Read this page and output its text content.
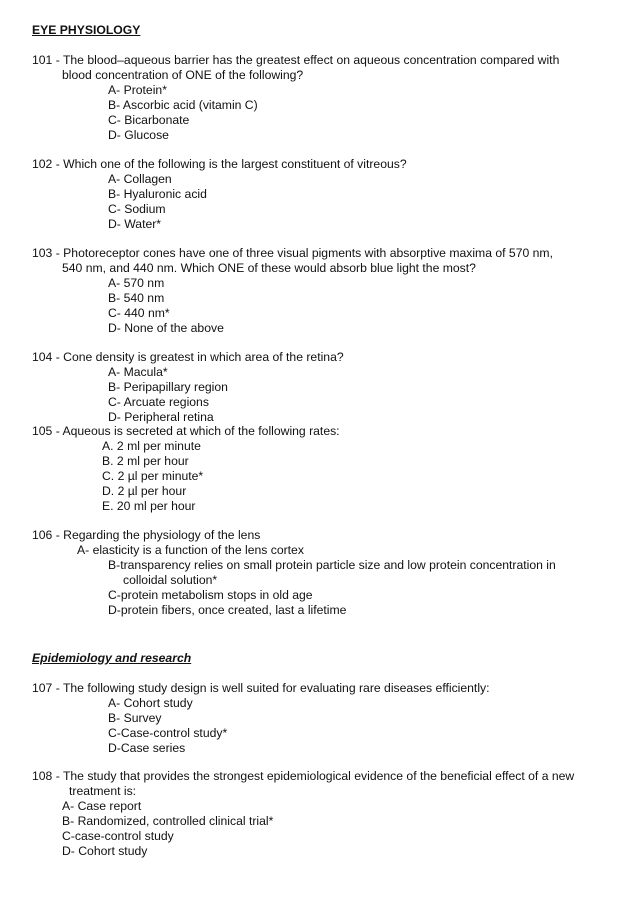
EYE PHYSIOLOGY
101 - The blood–aqueous barrier has the greatest effect on aqueous concentration compared with
blood concentration of ONE of the following?
A- Protein*
B- Ascorbic acid (vitamin C)
C- Bicarbonate
D- Glucose
102 - Which one of the following is the largest constituent of vitreous?
A- Collagen
B- Hyaluronic acid
C- Sodium
D- Water*
103 - Photoreceptor cones have one of three visual pigments with absorptive maxima of 570 nm,
540 nm, and 440 nm. Which ONE of these would absorb blue light the most?
A- 570 nm
B- 540 nm
C- 440 nm*
D- None of the above
104 - Cone density is greatest in which area of the retina?
A- Macula*
B- Peripapillary region
C- Arcuate regions
D- Peripheral retina
105 - Aqueous is secreted at which of the following rates:
A. 2 ml per minute
B. 2 ml per hour
C. 2 µl per minute*
D. 2 µl per hour
E. 20 ml per hour
106 - Regarding the physiology of the lens
A- elasticity is a function of the lens cortex
B-transparency relies on small protein particle size and low protein concentration in
colloidal solution*
C-protein metabolism stops in old age
D-protein fibers, once created, last a lifetime
Epidemiology and research
107 - The following study design is well suited for evaluating rare diseases efficiently:
A- Cohort study
B- Survey
C-Case-control study*
D-Case series
108 - The study that provides the strongest epidemiological evidence of the beneficial effect of a new
treatment is:
A- Case report
B- Randomized, controlled clinical trial*
C-case-control study
D- Cohort study
